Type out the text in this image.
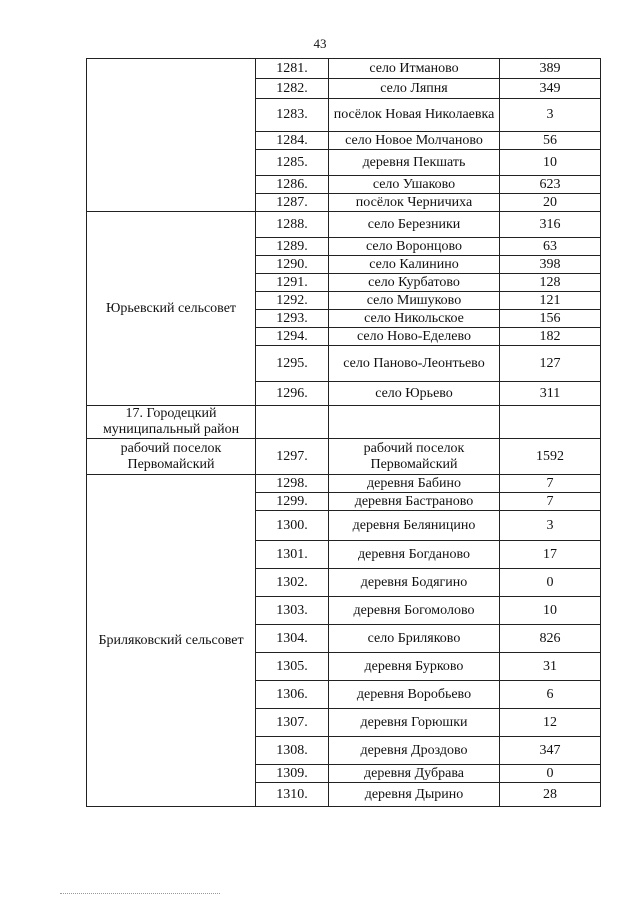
43
	1281.	село Итманово	389
	1282.	село Ляпня	349
	1283.	посёлок Новая Николаевка	3
	1284.	село Новое Молчаново	56
	1285.	деревня Пекшать	10
	1286.	село Ушаково	623
	1287.	посёлок Черничиха	20
Юрьевский сельсовет	1288.	село Березники	316
	1289.	село Воронцово	63
	1290.	село Калинино	398
	1291.	село Курбатово	128
	1292.	село Мишуково	121
	1293.	село Никольское	156
	1294.	село Ново-Еделево	182
	1295.	село Паново-Леонтьево	127
	1296.	село Юрьево	311
17. Городецкий муниципальный район			
рабочий поселок Первомайский	1297.	рабочий поселок Первомайский	1592
Бриляковский сельсовет	1298.	деревня Бабино	7
	1299.	деревня Бастраново	7
	1300.	деревня Беляницино	3
	1301.	деревня Богданово	17
	1302.	деревня Бодягино	0
	1303.	деревня Богомолово	10
	1304.	село Бриляково	826
	1305.	деревня Бурково	31
	1306.	деревня Воробьево	6
	1307.	деревня Горюшки	12
	1308.	деревня Дроздово	347
	1309.	деревня Дубрава	0
	1310.	деревня Дырино	28
